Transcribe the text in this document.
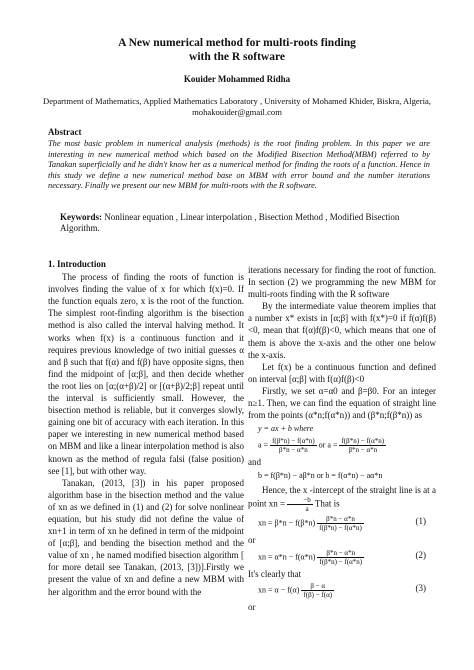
A New numerical method for multi-roots finding
with the R software
Kouider Mohammed Ridha
Department of Mathematics, Applied Mathematics Laboratory , University of Mohamed Khider, Biskra, Algeria, mohakouider@gmail.com
Abstract
The most basic problem in numerical analysis (methods) is the root finding problem. In this paper we are interesting in new numerical method which based on the Modified Bisection Method(MBM) referred to by Tanakan superficially and he didn't know her as a numerical method for finding the roots of a function. Hence in this study we define a new numerical method base on MBM with error bound and the number iterations necessary. Finally we present our new MBM for multi-roots with the R software.
Keywords: Nonlinear equation , Linear interpolation , Bisection Method , Modified Bisection Algorithm.
1. Introduction

The process of finding the roots of function is involves finding the value of x for which f(x)=0. If the function equals zero, x is the root of the function. The simplest root-finding algorithm is the bisection method is also called the interval halving method. It works when f(x) is a continuous function and it requires previous knowledge of two initial guesses α and β such that f(α) and f(β) have opposite signs, then find the midpoint of [α;β], and then decide whether the root lies on [α;(α+β)/2] or [(α+β)/2;β] repeat until the interval is sufficiently small. However, the bisection method is reliable, but it converges slowly, gaining one bit of accuracy with each iteration. In this paper we interesting in new numerical method based on MBM and like a linear interpolation method is also known as the method of regula falsi (false position) see [1], but with other way.

Tanakan, (2013, [3]) in his paper proposed algorithm base in the bisection method and the value of xn as we defined in (1) and (2) for solve nonlinear equation, but his study did not define the value of xn+1 in term of xn he defined in term of the midpoint of [α;β], and bending the bisection method and the value of xn , he named modified bisection algorithm [ for more detail see Tanakan, (2013, [3])].Firstly we present the value of xn and define a new MBM with her algorithm and the error bound with the

iterations necessary for finding the root of function. In section (2) we programming the new MBM for multi-roots finding with the R software

By the intermediate value theorem implies that a number x* exists in [α;β] with f(x*)=0 if f(α)f(β)<0, mean that f(α)f(β)<0, which means that one of them is above the x-axis and the other one below the x-axis.

Let f(x) be a continuous function and defined on interval [α;β] with f(α)f(β)<0

Firstly, we set α=α0 and β=β0. For an integer n≥1. Then, we can find the equation of straight line from the points (α*n;f(α*n)) and (β*n;f(β*n)) as

y = ax + b where
$a = \frac{f(\beta*n) - f(\alpha*n)}{\beta*n - \alpha*n}$ or $a = \frac{f(\beta*n) - f(\alpha*n)}{\beta*n - \alpha*n}$
and
b = f(β*n) − aβ*n or b = f(α*n) − aα*n

Hence, the x -intercept of the straight line is at a point xn = $\frac{-b}{a}$ That is

xn = $\beta*n - f(\beta*n) \frac{\beta*n - \alpha*n}{f(\beta*n) - f(\alpha*n)}$	(1)
or
xn = $\alpha*n - f(\alpha*n) \frac{\beta*n - \alpha*n}{f(\beta*n) - f(\alpha*n)}$	(2)
It's clearly that
xn = $\alpha - f(\alpha) \frac{\beta - \alpha}{f(\beta) - f(\alpha)}$	(3)
or
